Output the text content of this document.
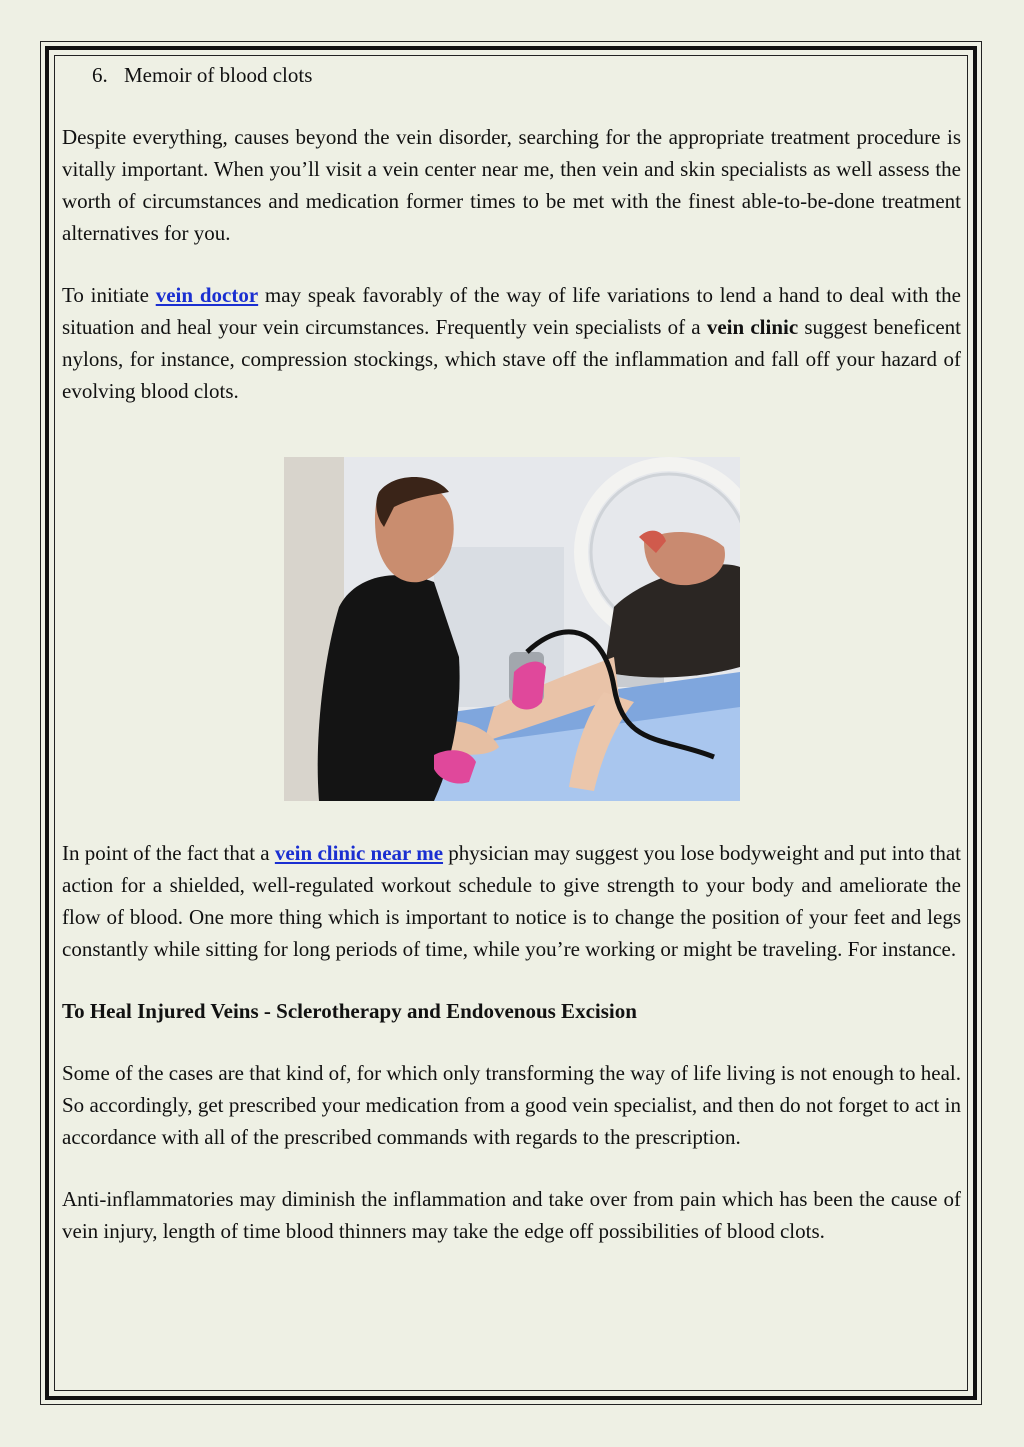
6. Memoir of blood clots

Despite everything, causes beyond the vein disorder, searching for the appropriate treatment procedure is vitally important. When you’ll visit a vein center near me, then vein and skin specialists as well assess the worth of circumstances and medication former times to be met with the finest able-to-be-done treatment alternatives for you.

To initiate vein doctor may speak favorably of the way of life variations to lend a hand to deal with the situation and heal your vein circumstances. Frequently vein specialists of a vein clinic suggest beneficent nylons, for instance, compression stockings, which stave off the inflammation and fall off your hazard of evolving blood clots.

In point of the fact that a vein clinic near me physician may suggest you lose bodyweight and put into that action for a shielded, well-regulated workout schedule to give strength to your body and ameliorate the flow of blood. One more thing which is important to notice is to change the position of your feet and legs constantly while sitting for long periods of time, while you’re working or might be traveling. For instance.

To Heal Injured Veins - Sclerotherapy and Endovenous Excision

Some of the cases are that kind of, for which only transforming the way of life living is not enough to heal. So accordingly, get prescribed your medication from a good vein specialist, and then do not forget to act in accordance with all of the prescribed commands with regards to the prescription.

Anti-inflammatories may diminish the inflammation and take over from pain which has been the cause of vein injury, length of time blood thinners may take the edge off possibilities of blood clots.
